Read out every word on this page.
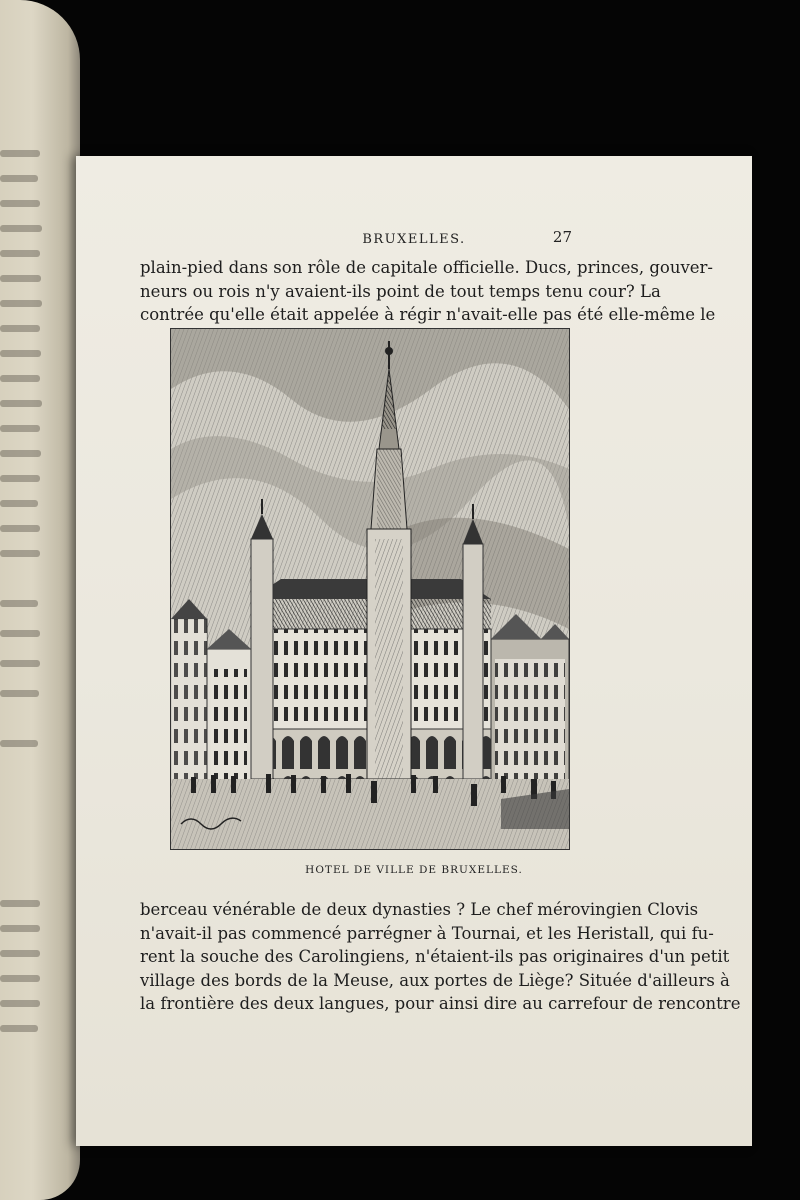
BRUXELLES.	27
plain-pied dans son rôle de capitale officielle. Ducs, princes, gouver-
neurs ou rois n'y avaient-ils point de tout temps tenu cour? La
contrée qu'elle était appelée à régir n'avait-elle pas été elle-même le
HOTEL DE VILLE DE BRUXELLES.
berceau vénérable de deux dynasties ? Le chef mérovingien Clovis
n'avait-il pas commencé parrégner à Tournai, et les Heristall, qui fu-
rent la souche des Carolingiens, n'étaient-ils pas originaires d'un petit
village des bords de la Meuse, aux portes de Liège? Située d'ailleurs à
la frontière des deux langues, pour ainsi dire au carrefour de rencontre
